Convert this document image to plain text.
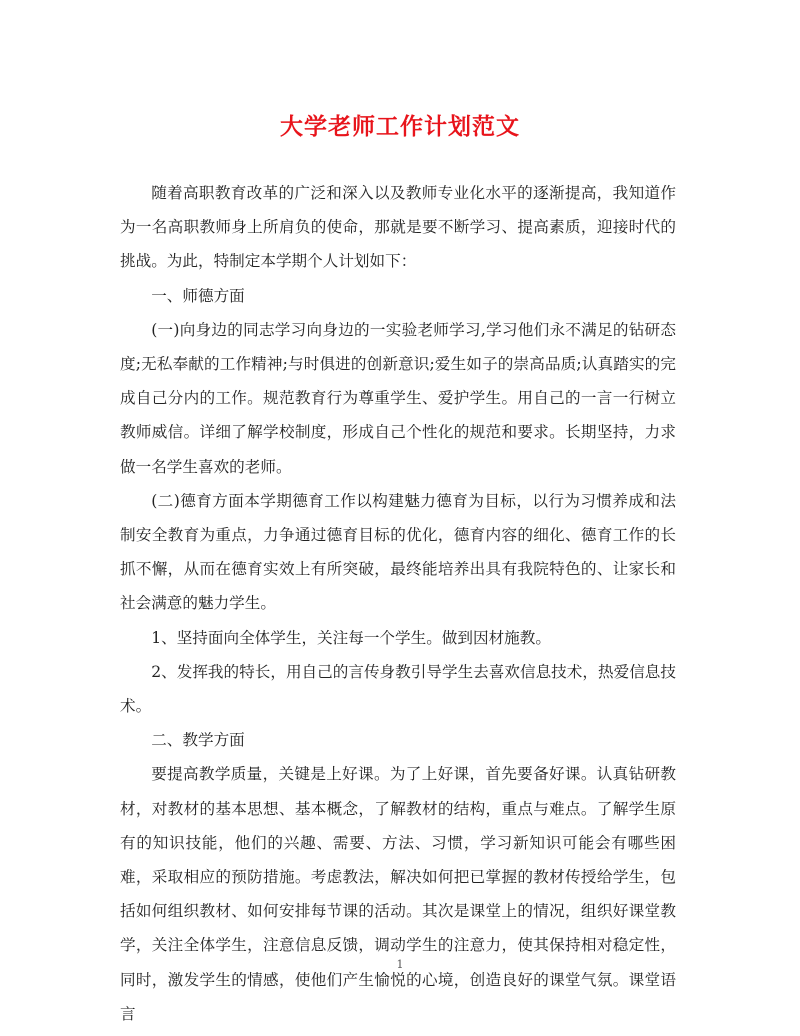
大学老师工作计划范文

随着高职教育改革的广泛和深入以及教师专业化水平的逐渐提高，我知道作为一名高职教师身上所肩负的使命，那就是要不断学习、提高素质，迎接时代的挑战。为此，特制定本学期个人计划如下：

一、师德方面

(一)向身边的同志学习向身边的一实验老师学习,学习他们永不满足的钻研态度;无私奉献的工作精神;与时俱进的创新意识;爱生如子的崇高品质;认真踏实的完成自己分内的工作。规范教育行为尊重学生、爱护学生。用自己的一言一行树立教师威信。详细了解学校制度，形成自己个性化的规范和要求。长期坚持，力求做一名学生喜欢的老师。

(二)德育方面本学期德育工作以构建魅力德育为目标，以行为习惯养成和法制安全教育为重点，力争通过德育目标的优化，德育内容的细化、德育工作的长抓不懈，从而在德育实效上有所突破，最终能培养出具有我院特色的、让家长和社会满意的魅力学生。

1、坚持面向全体学生，关注每一个学生。做到因材施教。

2、发挥我的特长，用自己的言传身教引导学生去喜欢信息技术，热爱信息技术。

二、教学方面

要提高教学质量，关键是上好课。为了上好课，首先要备好课。认真钻研教材，对教材的基本思想、基本概念，了解教材的结构，重点与难点。了解学生原有的知识技能，他们的兴趣、需要、方法、习惯，学习新知识可能会有哪些困难，采取相应的预防措施。考虑教法，解决如何把已掌握的教材传授给学生，包括如何组织教材、如何安排每节课的活动。其次是课堂上的情况，组织好课堂教学，关注全体学生，注意信息反馈，调动学生的注意力，使其保持相对稳定性，同时，激发学生的情感，使他们产生愉悦的心境，创造良好的课堂气氛。课堂语言

1
